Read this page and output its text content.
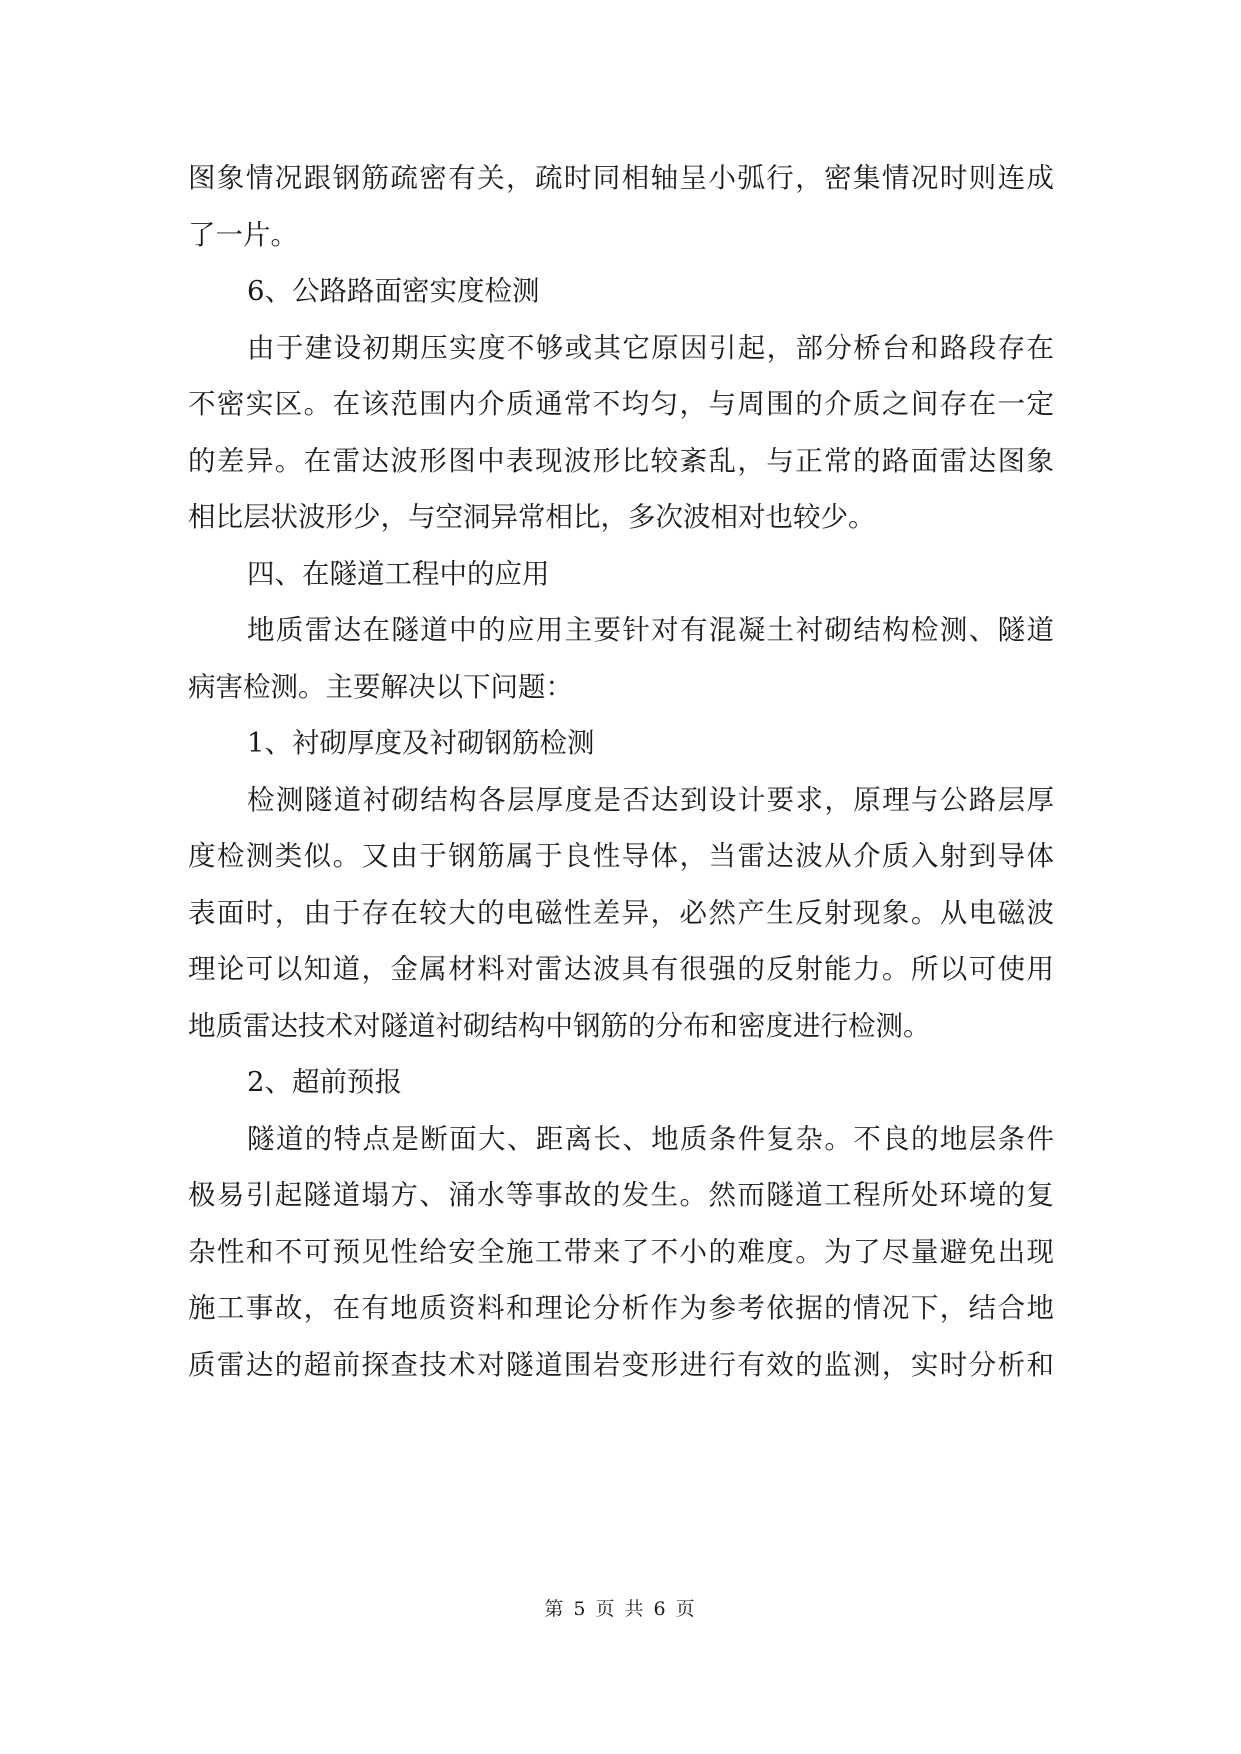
图象情况跟钢筋疏密有关，疏时同相轴呈小弧行，密集情况时则连成
了一片。
6、公路路面密实度检测
由于建设初期压实度不够或其它原因引起，部分桥台和路段存在
不密实区。在该范围内介质通常不均匀，与周围的介质之间存在一定
的差异。在雷达波形图中表现波形比较紊乱，与正常的路面雷达图象
相比层状波形少，与空洞异常相比，多次波相对也较少。
四、在隧道工程中的应用
地质雷达在隧道中的应用主要针对有混凝土衬砌结构检测、隧道
病害检测。主要解决以下问题：
1、衬砌厚度及衬砌钢筋检测
检测隧道衬砌结构各层厚度是否达到设计要求，原理与公路层厚
度检测类似。又由于钢筋属于良性导体，当雷达波从介质入射到导体
表面时，由于存在较大的电磁性差异，必然产生反射现象。从电磁波
理论可以知道，金属材料对雷达波具有很强的反射能力。所以可使用
地质雷达技术对隧道衬砌结构中钢筋的分布和密度进行检测。
2、超前预报
隧道的特点是断面大、距离长、地质条件复杂。不良的地层条件
极易引起隧道塌方、涌水等事故的发生。然而隧道工程所处环境的复
杂性和不可预见性给安全施工带来了不小的难度。为了尽量避免出现
施工事故，在有地质资料和理论分析作为参考依据的情况下，结合地
质雷达的超前探查技术对隧道围岩变形进行有效的监测，实时分析和
第 5 页 共 6 页
